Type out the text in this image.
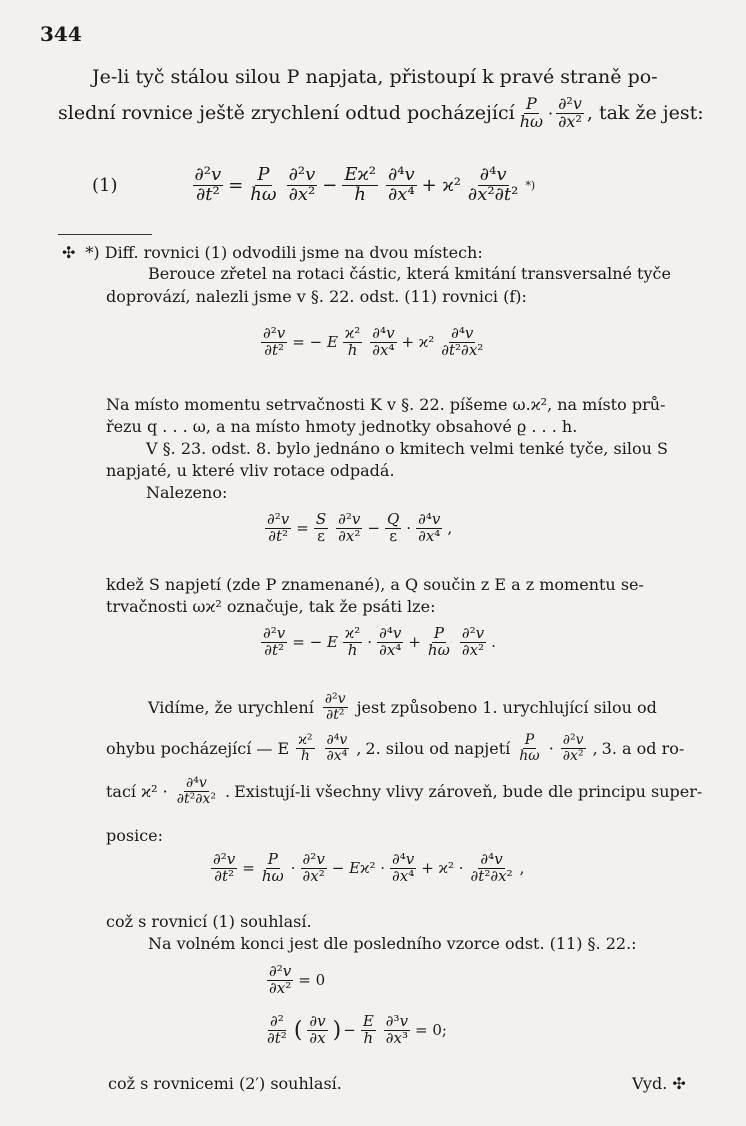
344
Je-li tyč stálou silou P napjata, přistoupí k pravé straně po-
slední rovnice ještě zrychlení odtud pocházející $\frac{P}{h\omega} \cdot \frac{\text{∂²v}}{\text{∂x²}}$ , tak že jest:
(1)	$\frac{\text{∂²v}}{\text{∂t²}} = \frac{P}{h\omega} \frac{\text{∂²v}}{\text{∂x²}} - \frac{\text{Eϰ²}}{h} \frac{\text{∂⁴v}}{\text{∂x⁴}} + ϰ^2 \frac{\text{∂⁴v}}{\text{∂x²∂t²}}$ *)
✣ *) Diff. rovnici (1) odvodili jsme na dvou místech:
Berouce zřetel na rotaci částic, která kmitání transversalné tyče
doprovází, nalezli jsme v §. 22. odst. (11) rovnici (f):
$\frac{\text{∂²v}}{\text{∂t²}}$ = − E $\frac{\text{ϰ²}}{h} \frac{\text{∂⁴v}}{\text{∂x⁴}} + ϰ^2 \frac{\text{∂⁴v}}{\text{∂t²∂x²}}$
Na místo momentu setrvačnosti K v §. 22. píšeme ω.ϰ², na místo prů-
řezu q . . . ω, a na místo hmoty jednotky obsahové ϱ . . . h.
V §. 23. odst. 8. bylo jednáno o kmitech velmi tenké tyče, silou S
napjaté, u které vliv rotace odpadá.
Nalezeno:
$\frac{\text{∂²v}}{\text{∂t²}} = \frac{S}{\varepsilon} \frac{\text{∂²v}}{\text{∂x²}} - \frac{Q}{\varepsilon} \cdot \frac{\text{∂⁴v}}{\text{∂x⁴}}$ ,
kdež S napjetí (zde P znamenané), a Q součin z E a z momentu se-
trvačnosti ωϰ² označuje, tak že psáti lze:
$\frac{\text{∂²v}}{\text{∂t²}}$ = − E $\frac{\text{ϰ²}}{h} \cdot \frac{\text{∂⁴v}}{\text{∂x⁴}} + \frac{P}{h\omega} \frac{\text{∂²v}}{\text{∂x²}}$ .
Vidíme, že urychlení $\frac{\text{∂²v}}{\text{∂t²}}$ jest způsobeno 1. urychlující silou od
ohybu pocházející — E $\frac{\text{ϰ²}}{h} \frac{\text{∂⁴v}}{\text{∂x⁴}}$ , 2. silou od napjetí $\frac{P}{h\omega} \cdot \frac{\text{∂²v}}{\text{∂x²}}$ , 3. a od ro-
tací $ϰ^2 \cdot \frac{\text{∂⁴v}}{\text{∂t²∂x²}}$ . Existují-li všechny vlivy zároveň, bude dle principu super-
posice:
$\frac{\text{∂²v}}{\text{∂t²}} = \frac{P}{h\omega} \cdot \frac{\text{∂²v}}{\text{∂x²}} - Eϰ^2 \cdot \frac{\text{∂⁴v}}{\text{∂x⁴}} + ϰ^2 \cdot \frac{\text{∂⁴v}}{\text{∂t²∂x²}}$ ,
což s rovnicí (1) souhlasí.
Na volném konci jest dle posledního vzorce odst. (11) §. 22.:
$\frac{\text{∂²v}}{\text{∂x²}} = 0$
$\frac{\text{∂²}}{\text{∂t²}}$ ( $\frac{\partial v}{\partial x}$ ) − $\frac{E}{h} \frac{\text{∂³v}}{\text{∂x³}} = 0$;
což s rovnicemi (2′) souhlasí.	Vyd. ✣
